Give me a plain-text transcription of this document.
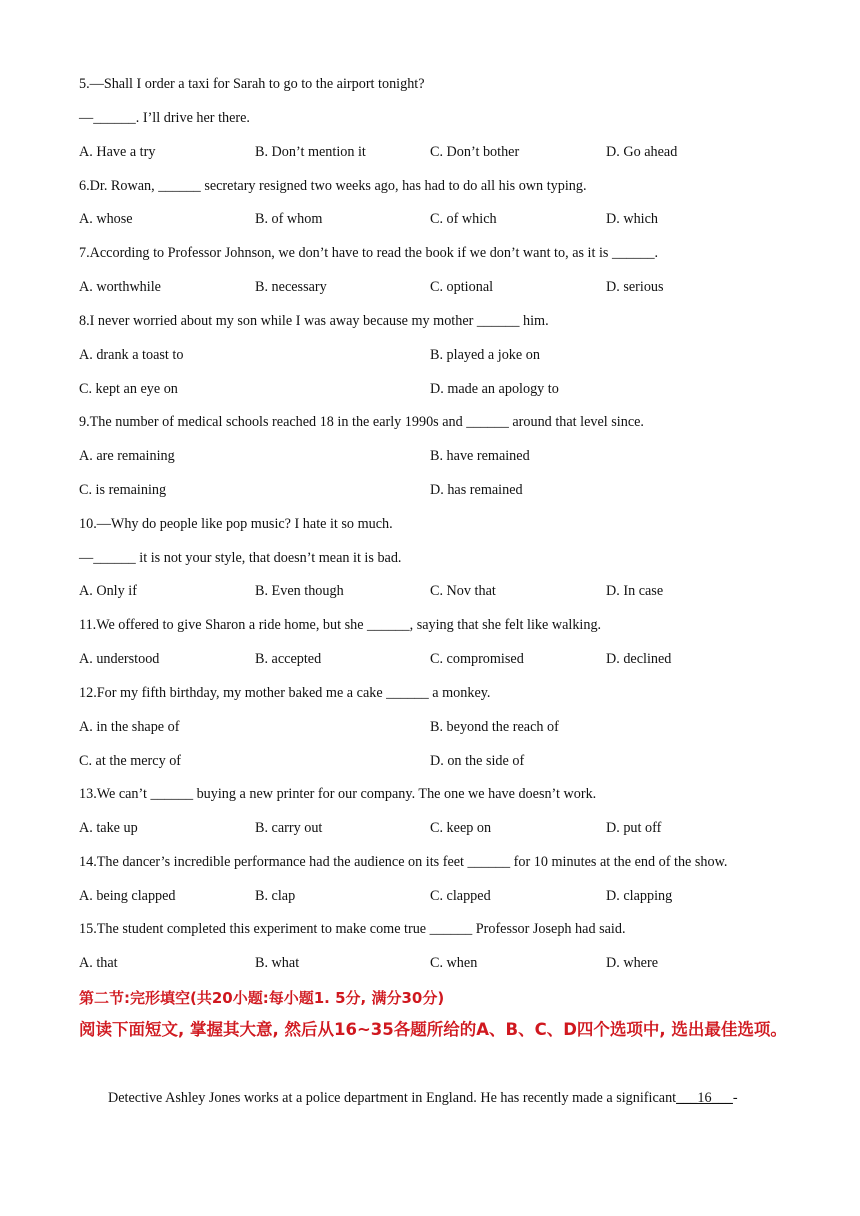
5.—Shall I order a taxi for Sarah to go to the airport tonight?
—______. I’ll drive her there.
A. Have a try	B. Don’t mention it	C. Don’t bother	D. Go ahead
6.Dr. Rowan, ______ secretary resigned two weeks ago, has had to do all his own typing.
A. whose	B. of whom	C. of which	D. which
7.According to Professor Johnson, we don’t have to read the book if we don’t want to, as it is ______.
A. worthwhile	B. necessary	C. optional	D. serious
8.I never worried about my son while I was away because my mother ______ him.
A. drank a toast to	B. played a joke on
C. kept an eye on	D. made an apology to
9.The number of medical schools reached 18 in the early 1990s and ______ around that level since.
A. are remaining	B. have remained
C. is remaining	D. has remained
10.—Why do people like pop music? I hate it so much.
—______ it is not your style, that doesn’t mean it is bad.
A. Only if	B. Even though	C. Nov that	D. In case
11.We offered to give Sharon a ride home, but she ______, saying that she felt like walking.
A. understood	B. accepted	C. compromised	D. declined
12.For my fifth birthday, my mother baked me a cake ______ a monkey.
A. in the shape of	B. beyond the reach of
C. at the mercy of	D. on the side of
13.We can’t ______ buying a new printer for our company. The one we have doesn’t work.
A. take up	B. carry out	C. keep on	D. put off
14.The dancer’s incredible performance had the audience on its feet ______ for 10 minutes at the end of the show.
A. being clapped	B. clap	C. clapped	D. clapping
15.The student completed this experiment to make come true ______ Professor Joseph had said.
A. that	B. what	C. when	D. where
第二节:完形填空(共20小题:每小题1. 5分, 满分30分)
阅读下面短文, 掌握其大意, 然后从16~35各题所给的A、B、C、D四个选项中, 选出最佳选项。
Detective Ashley Jones works at a police department in England. He has recently made a significant___16___-
